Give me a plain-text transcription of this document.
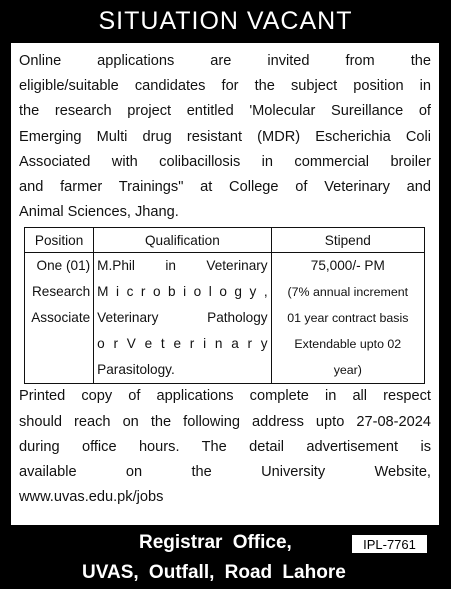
SITUATION VACANT

Online applications are invited from the
eligible/suitable candidates for the subject position in
the research project entitled 'Molecular Sureillance of
Emerging Multi drug resistant (MDR) Escherichia Coli
Associated with colibacillosis in commercial broiler
and farmer Trainings" at College of Veterinary and
Animal Sciences, Jhang.

Position	Qualification	Stipend

One (01)
Research
Associate	M.Phil in Veterinary
M i c r o b i o l o g y ,
Veterinary Pathology
o r V e t e r i n a r y
Parasitology.	75,000/- PM
(7% annual increment
01 year contract basis
Extendable upto 02
year)

Printed copy of applications complete in all respect
should reach on the following address upto 27-08-2024
during office hours. The detail advertisement is
available on the University Website,
www.uvas.edu.pk/jobs

Registrar Office,
UVAS, Outfall, Road Lahore
IPL-7761
